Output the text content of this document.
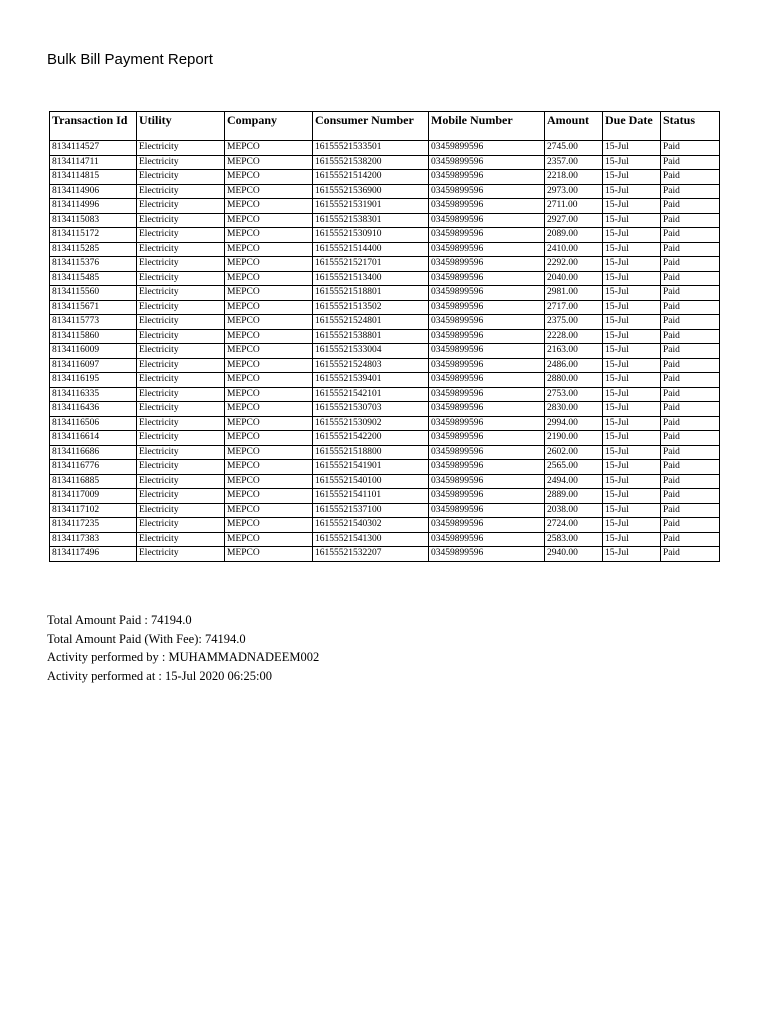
Bulk Bill Payment Report
Transaction Id	Utility	Company	Consumer Number	Mobile Number	Amount	Due Date	Status
8134114527	Electricity	MEPCO	16155521533501	03459899596	2745.00	15-Jul	Paid
8134114711	Electricity	MEPCO	16155521538200	03459899596	2357.00	15-Jul	Paid
8134114815	Electricity	MEPCO	16155521514200	03459899596	2218.00	15-Jul	Paid
8134114906	Electricity	MEPCO	16155521536900	03459899596	2973.00	15-Jul	Paid
8134114996	Electricity	MEPCO	16155521531901	03459899596	2711.00	15-Jul	Paid
8134115083	Electricity	MEPCO	16155521538301	03459899596	2927.00	15-Jul	Paid
8134115172	Electricity	MEPCO	16155521530910	03459899596	2089.00	15-Jul	Paid
8134115285	Electricity	MEPCO	16155521514400	03459899596	2410.00	15-Jul	Paid
8134115376	Electricity	MEPCO	16155521521701	03459899596	2292.00	15-Jul	Paid
8134115485	Electricity	MEPCO	16155521513400	03459899596	2040.00	15-Jul	Paid
8134115560	Electricity	MEPCO	16155521518801	03459899596	2981.00	15-Jul	Paid
8134115671	Electricity	MEPCO	16155521513502	03459899596	2717.00	15-Jul	Paid
8134115773	Electricity	MEPCO	16155521524801	03459899596	2375.00	15-Jul	Paid
8134115860	Electricity	MEPCO	16155521538801	03459899596	2228.00	15-Jul	Paid
8134116009	Electricity	MEPCO	16155521533004	03459899596	2163.00	15-Jul	Paid
8134116097	Electricity	MEPCO	16155521524803	03459899596	2486.00	15-Jul	Paid
8134116195	Electricity	MEPCO	16155521539401	03459899596	2880.00	15-Jul	Paid
8134116335	Electricity	MEPCO	16155521542101	03459899596	2753.00	15-Jul	Paid
8134116436	Electricity	MEPCO	16155521530703	03459899596	2830.00	15-Jul	Paid
8134116506	Electricity	MEPCO	16155521530902	03459899596	2994.00	15-Jul	Paid
8134116614	Electricity	MEPCO	16155521542200	03459899596	2190.00	15-Jul	Paid
8134116686	Electricity	MEPCO	16155521518800	03459899596	2602.00	15-Jul	Paid
8134116776	Electricity	MEPCO	16155521541901	03459899596	2565.00	15-Jul	Paid
8134116885	Electricity	MEPCO	16155521540100	03459899596	2494.00	15-Jul	Paid
8134117009	Electricity	MEPCO	16155521541101	03459899596	2889.00	15-Jul	Paid
8134117102	Electricity	MEPCO	16155521537100	03459899596	2038.00	15-Jul	Paid
8134117235	Electricity	MEPCO	16155521540302	03459899596	2724.00	15-Jul	Paid
8134117383	Electricity	MEPCO	16155521541300	03459899596	2583.00	15-Jul	Paid
8134117496	Electricity	MEPCO	16155521532207	03459899596	2940.00	15-Jul	Paid
Total Amount Paid : 74194.0
Total Amount Paid (With Fee): 74194.0
Activity performed by : MUHAMMADNADEEM002
Activity performed at : 15-Jul 2020 06:25:00
